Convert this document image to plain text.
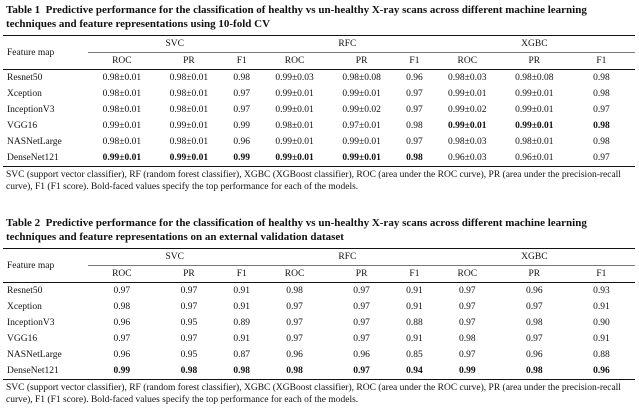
Table 1 Predictive performance for the classification of healthy vs un-healthy X-ray scans across different machine learning techniques and feature representations using 10-fold CV

Feature map	SVC			RFC			XGBC		
	ROC	PR	F1	ROC	PR	F1	ROC	PR	F1
Resnet50	0.98±0.01	0.98±0.01	0.98	0.99±0.03	0.98±0.08	0.96	0.98±0.03	0.98±0.08	0.98
Xception	0.98±0.01	0.98±0.01	0.97	0.99±0.01	0.99±0.01	0.97	0.99±0.01	0.99±0.01	0.98
InceptionV3	0.98±0.01	0.98±0.01	0.97	0.99±0.01	0.99±0.02	0.97	0.99±0.02	0.99±0.01	0.97
VGG16	0.99±0.01	0.99±0.01	0.99	0.98±0.01	0.97±0.01	0.98	0.99±0.01	0.99±0.01	0.98
NASNetLarge	0.98±0.01	0.98±0.01	0.96	0.99±0.01	0.99±0.01	0.97	0.98±0.03	0.98±0.01	0.98
DenseNet121	0.99±0.01	0.99±0.01	0.99	0.99±0.01	0.99±0.01	0.98	0.96±0.03	0.96±0.01	0.97

SVC (support vector classifier), RF (random forest classifier), XGBC (XGBoost classifier), ROC (area under the ROC curve), PR (area under the precision-recall curve), F1 (F1 score). Bold-faced values specify the top performance for each of the models.

Table 2 Predictive performance for the classification of healthy vs un-healthy X-ray scans across different machine learning techniques and feature representations on an external validation dataset

Feature map	SVC			RFC			XGBC		
	ROC	PR	F1	ROC	PR	F1	ROC	PR	F1
Resnet50	0.97	0.97	0.91	0.98	0.97	0.91	0.97	0.96	0.93
Xception	0.98	0.97	0.91	0.97	0.97	0.91	0.97	0.97	0.91
InceptionV3	0.96	0.95	0.89	0.97	0.97	0.88	0.97	0.98	0.90
VGG16	0.97	0.97	0.91	0.97	0.97	0.91	0.98	0.97	0.91
NASNetLarge	0.96	0.95	0.87	0.96	0.96	0.85	0.97	0.96	0.88
DenseNet121	0.99	0.98	0.98	0.98	0.97	0.94	0.99	0.98	0.96

SVC (support vector classifier), RF (random forest classifier), XGBC (XGBoost classifier), ROC (area under the ROC curve), PR (area under the precision-recall curve), F1 (F1 score). Bold-faced values specify the top performance for each of the models.
